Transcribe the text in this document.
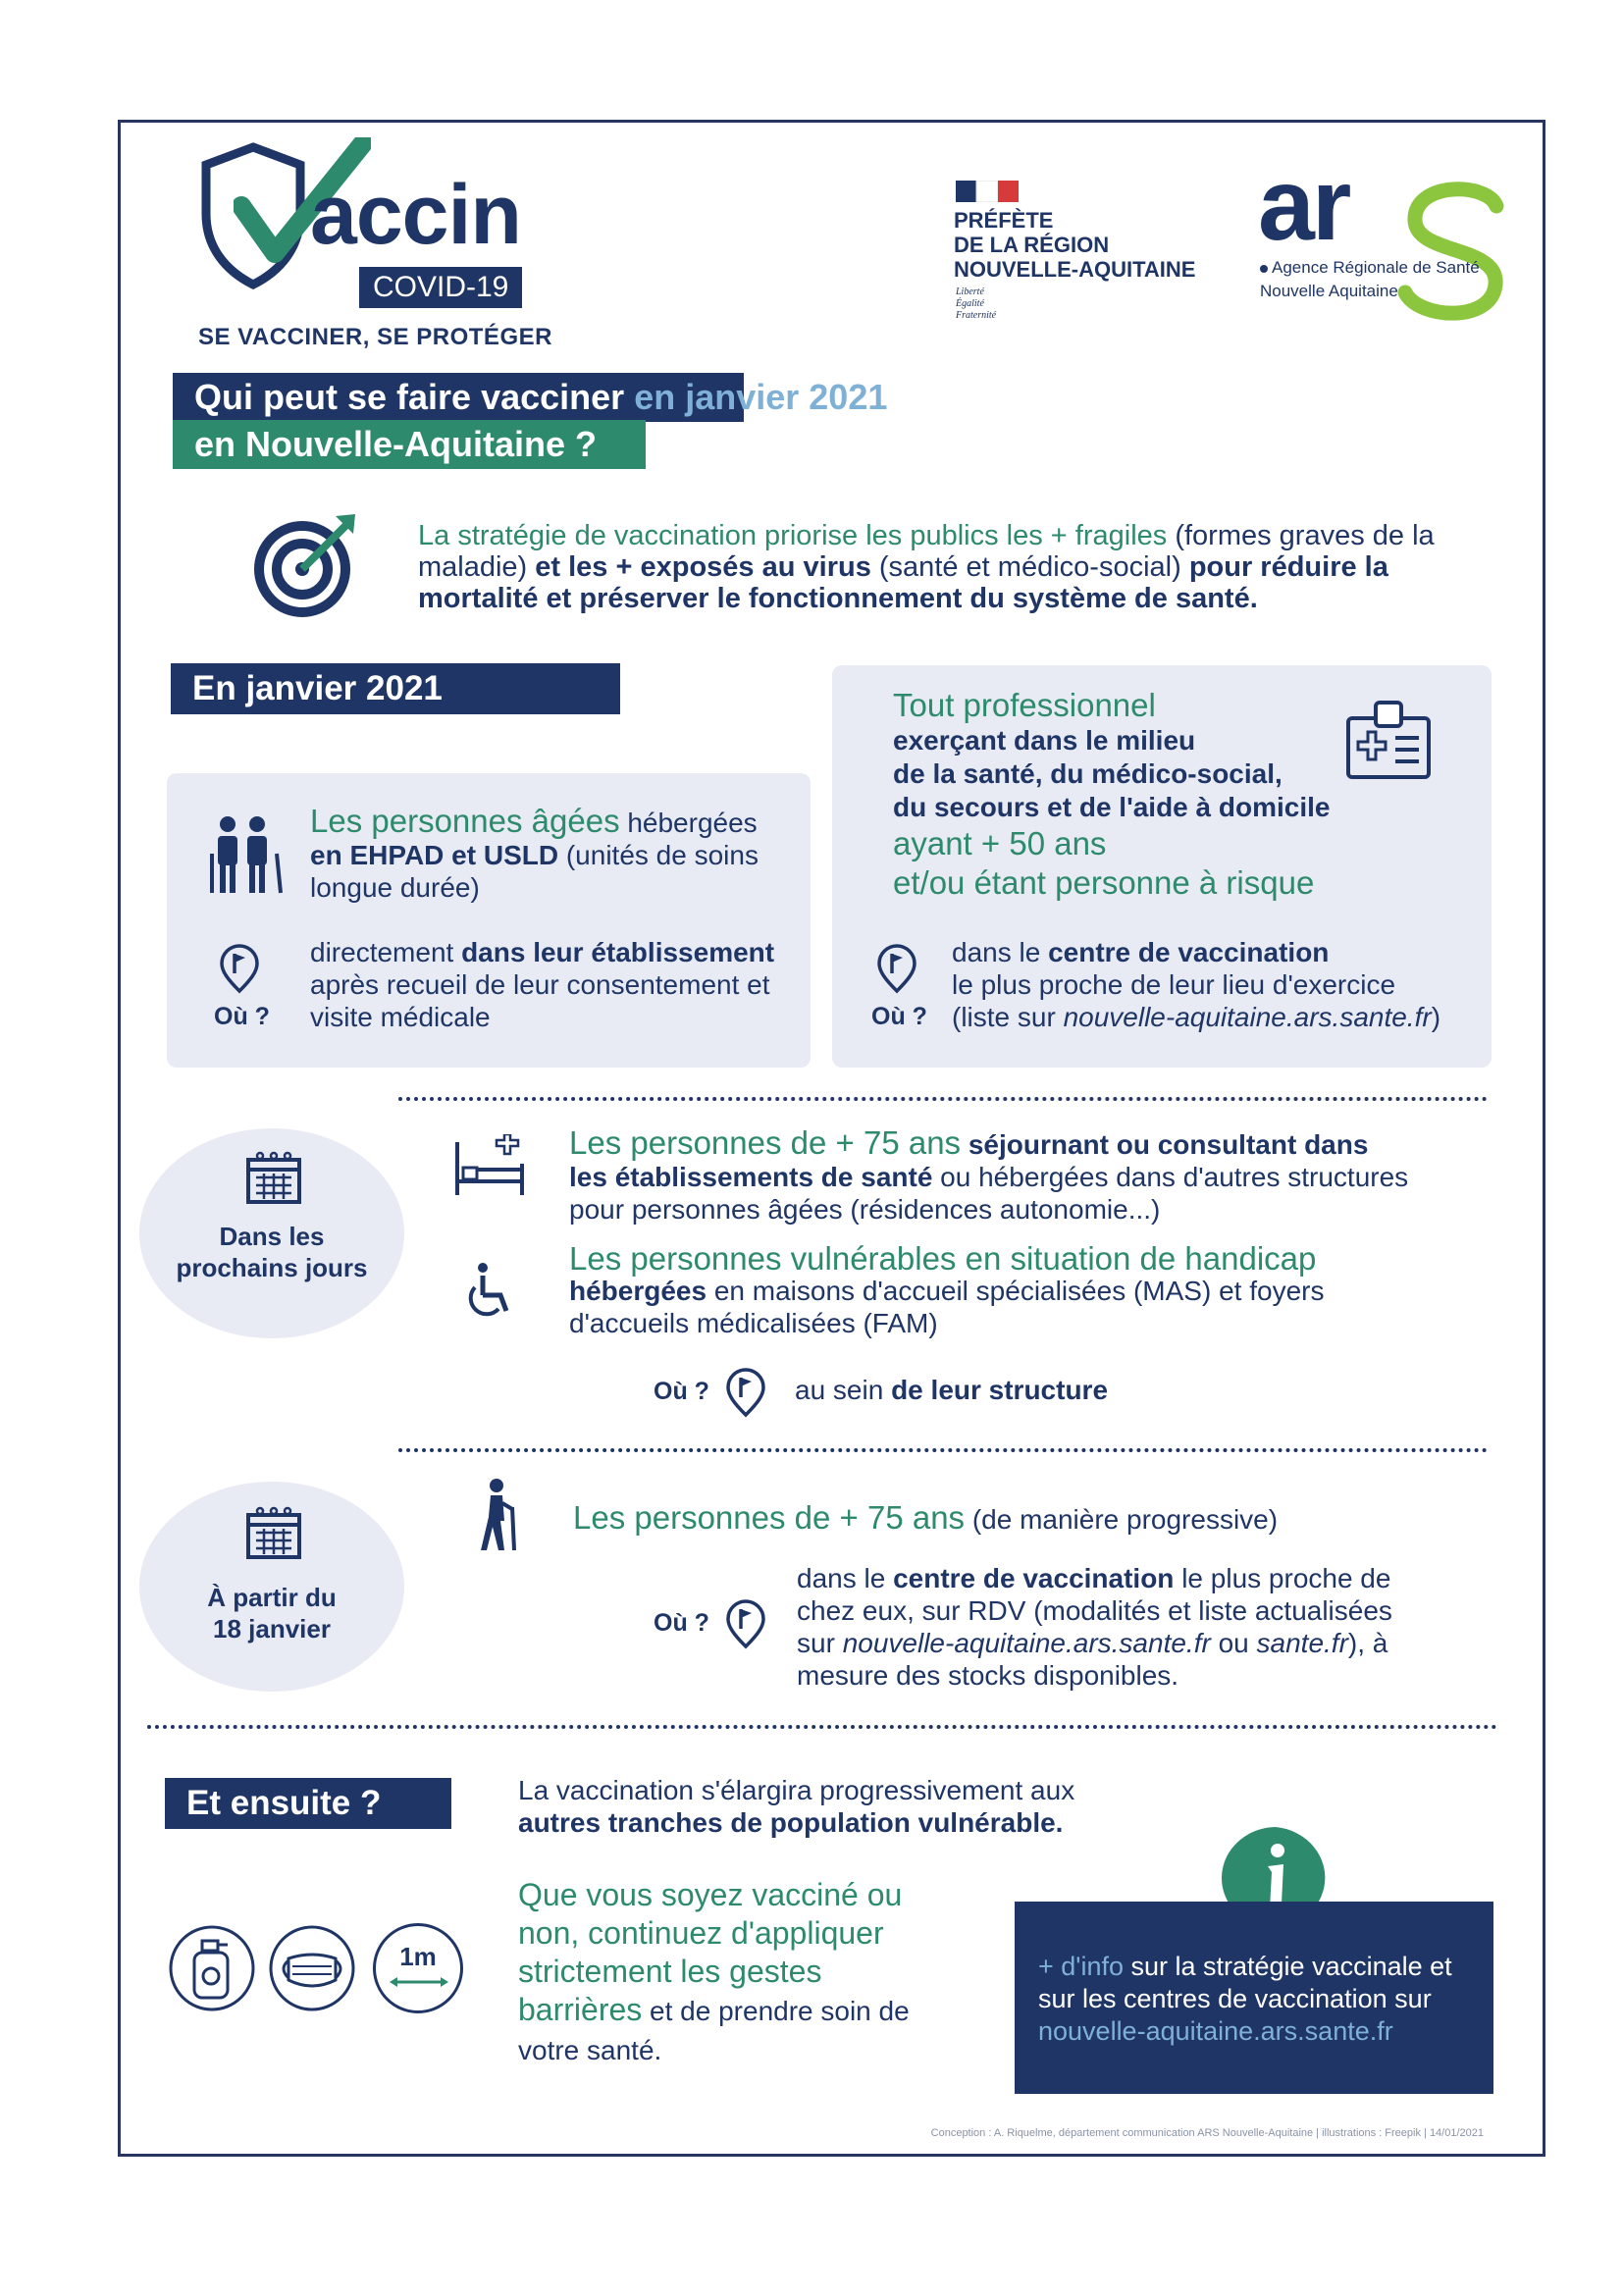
accin
COVID-19
SE VACCINER, SE PROTÉGER
PRÉFÈTE
DE LA RÉGION
NOUVELLE-AQUITAINE
Liberté
Égalité
Fraternité
ar
Agence Régionale de Santé
Nouvelle Aquitaine
Qui peut se faire vacciner en janvier 2021
en Nouvelle-Aquitaine ?
La stratégie de vaccination priorise les publics les + fragiles (formes graves de la maladie) et les + exposés au virus (santé et médico-social) pour réduire la mortalité et préserver le fonctionnement du système de santé.
En janvier 2021
Les personnes âgées hébergées en EHPAD et USLD (unités de soins longue durée)
Où ?
directement dans leur établissement après recueil de leur consentement et visite médicale
Tout professionnel
exerçant dans le milieu
de la santé, du médico-social,
du secours et de l'aide à domicile
ayant + 50 ans
et/ou étant personne à risque
Où ?
dans le centre de vaccination
le plus proche de leur lieu d'exercice
(liste sur nouvelle-aquitaine.ars.sante.fr)
Dans les
prochains jours
Les personnes de + 75 ans séjournant ou consultant dans les établissements de santé ou hébergées dans d'autres structures pour personnes âgées (résidences autonomie...)
Les personnes vulnérables en situation de handicap
hébergées en maisons d'accueil spécialisées (MAS) et foyers d'accueils médicalisées (FAM)
Où ?	au sein de leur structure
À partir du
18 janvier
Les personnes de + 75 ans (de manière progressive)
Où ?
dans le centre de vaccination le plus proche de chez eux, sur RDV (modalités et liste actualisées sur nouvelle-aquitaine.ars.sante.fr ou sante.fr), à mesure des stocks disponibles.
Et ensuite ?	La vaccination s'élargira progressivement aux
autres tranches de population vulnérable.
1m
Que vous soyez vacciné ou non, continuez d'appliquer strictement les gestes barrières et de prendre soin de votre santé.
+ d'info sur la stratégie vaccinale et sur les centres de vaccination sur nouvelle-aquitaine.ars.sante.fr
Conception : A. Riquelme, département communication ARS Nouvelle-Aquitaine | illustrations : Freepik | 14/01/2021
